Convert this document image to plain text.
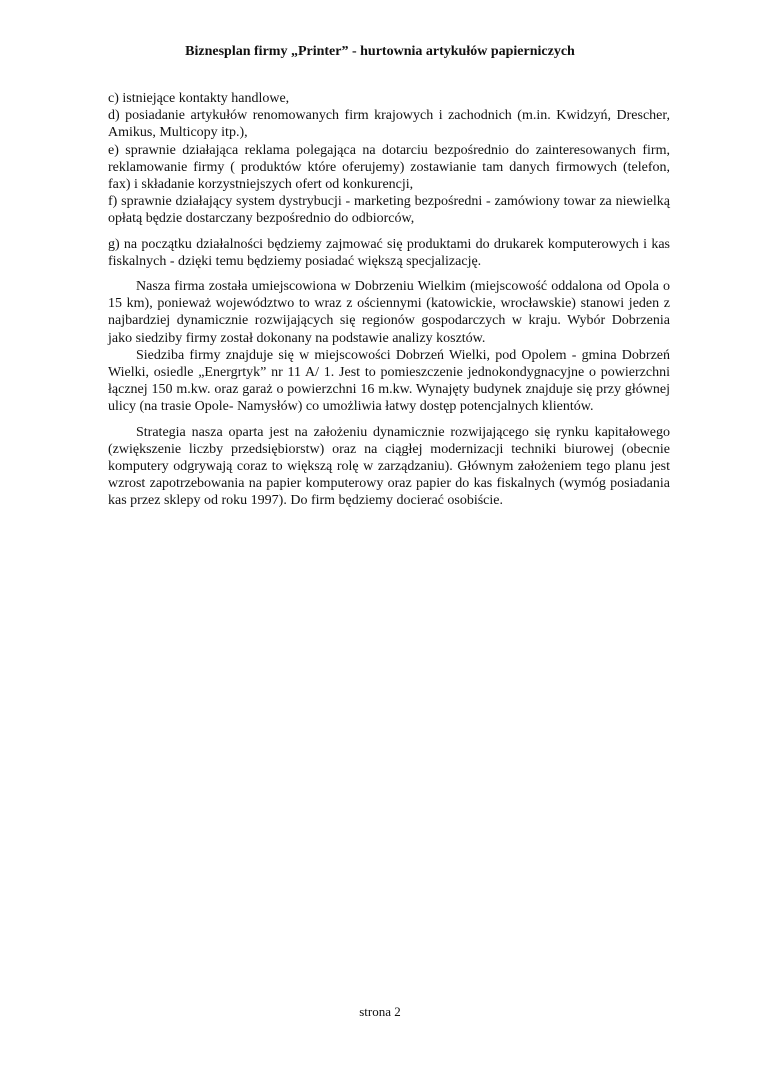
Biznesplan firmy „Printer” - hurtownia artykułów papierniczych

c) istniejące kontakty handlowe,

d) posiadanie artykułów renomowanych firm krajowych i zachodnich (m.in. Kwidzyń, Drescher, Amikus, Multicopy itp.),

e) sprawnie działająca reklama polegająca na dotarciu bezpośrednio do zainteresowanych firm, reklamowanie firmy ( produktów które oferujemy) zostawianie tam danych firmowych (telefon, fax) i składanie korzystniejszych ofert od konkurencji,

f) sprawnie działający system dystrybucji - marketing bezpośredni - zamówiony towar za niewielką opłatą będzie dostarczany bezpośrednio do odbiorców,

g) na początku działalności będziemy zajmować się produktami do drukarek komputerowych i kas fiskalnych - dzięki temu będziemy posiadać większą specjalizację.

Nasza firma została umiejscowiona w Dobrzeniu Wielkim (miejscowość oddalona od Opola o 15 km), ponieważ województwo to wraz z ościennymi (katowickie, wrocławskie) stanowi jeden z najbardziej dynamicznie rozwijających się regionów gospodarczych w kraju. Wybór Dobrzenia jako siedziby firmy został dokonany na podstawie analizy kosztów.

Siedziba firmy znajduje się w miejscowości Dobrzeń Wielki, pod Opolem - gmina Dobrzeń Wielki, osiedle „Energrtyk” nr 11 A/ 1. Jest to pomieszczenie jednokondygnacyjne o powierzchni łącznej 150 m.kw. oraz garaż o powierzchni 16 m.kw. Wynajęty budynek znajduje się przy głównej ulicy (na trasie Opole- Namysłów) co umożliwia łatwy dostęp potencjalnych klientów.

Strategia nasza oparta jest na założeniu dynamicznie rozwijającego się rynku kapitałowego (zwiększenie liczby przedsiębiorstw) oraz na ciągłej modernizacji techniki biurowej (obecnie komputery odgrywają coraz to większą rolę w zarządzaniu). Głównym założeniem tego planu jest wzrost zapotrzebowania na papier komputerowy oraz papier do kas fiskalnych (wymóg posiadania kas przez sklepy od roku 1997). Do firm będziemy docierać osobiście.

strona 2
